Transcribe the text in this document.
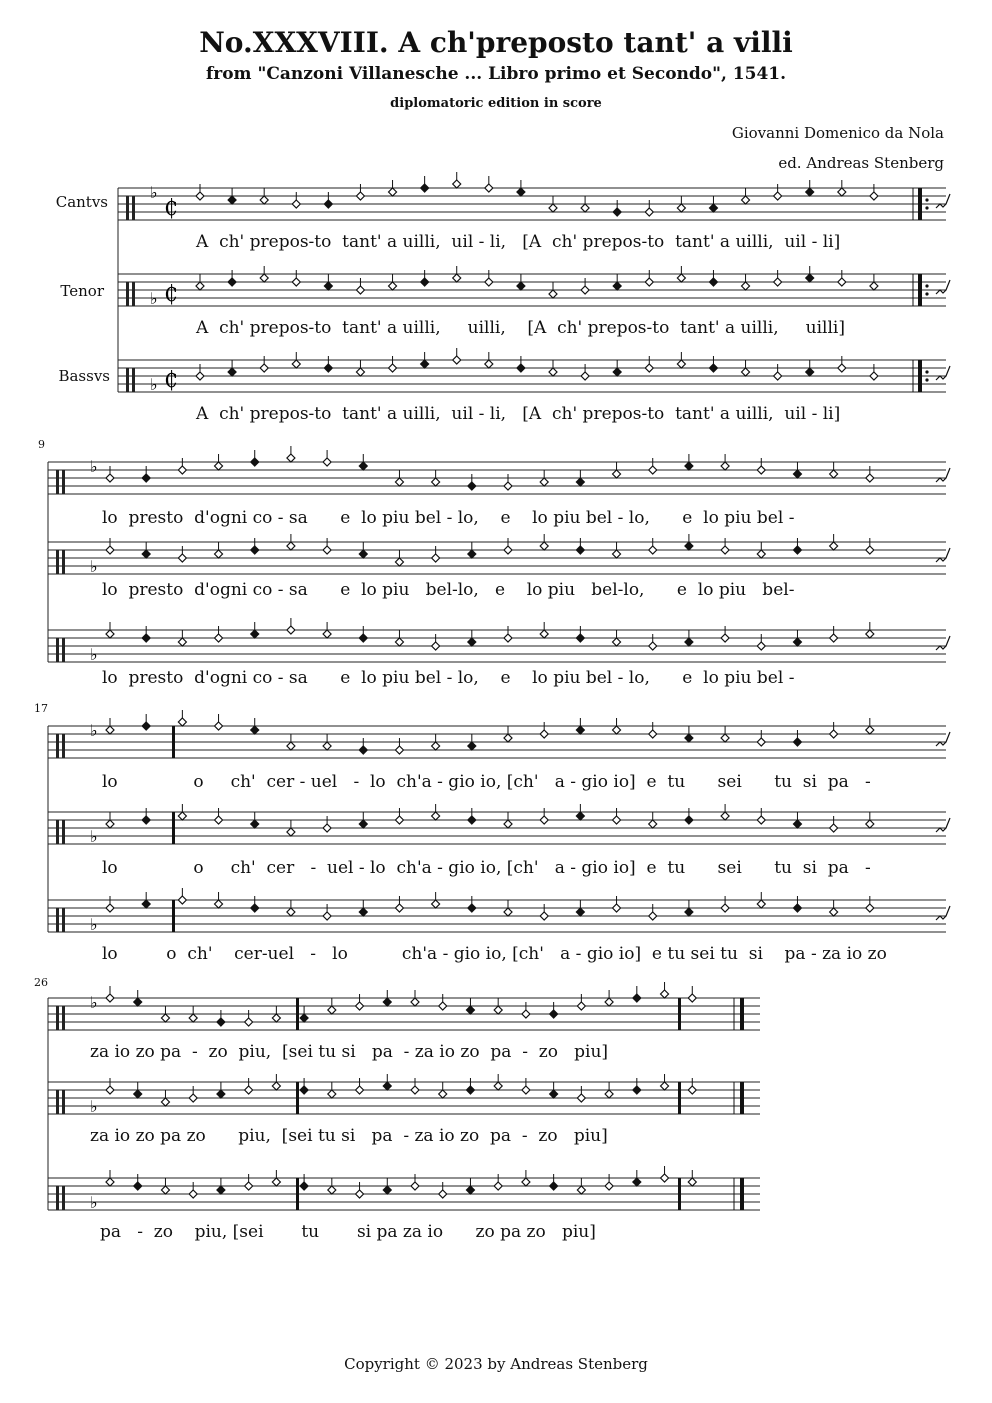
No.XXXVIII. A ch'preposto tant' a villi
from "Canzoni Villanesche ... Libro primo et Secondo", 1541.
diplomatoric edition in score
Giovanni Domenico da Nola
ed. Andreas Stenberg
Cantvs
Tenor
Bassvs
9
17
26
A  ch' prepos-to  tant' a uilli,  uil - li,   [A  ch' prepos-to  tant' a uilli,  uil - li]
A  ch' prepos-to  tant' a uilli,     uilli,    [A  ch' prepos-to  tant' a uilli,     uilli]
A  ch' prepos-to  tant' a uilli,  uil - li,   [A  ch' prepos-to  tant' a uilli,  uil - li]
lo  presto  d'ogni co - sa      e  lo piu bel - lo,    e    lo piu bel - lo,      e  lo piu bel -
lo  presto  d'ogni co - sa      e  lo piu   bel-lo,   e    lo piu   bel-lo,      e  lo piu   bel-
lo  presto  d'ogni co - sa      e  lo piu bel - lo,    e    lo piu bel - lo,      e  lo piu bel -
lo              o     ch'  cer - uel   -  lo  ch'a - gio io, [ch'   a - gio io]  e  tu      sei      tu  si  pa   -
lo              o     ch'  cer   -  uel - lo  ch'a - gio io, [ch'   a - gio io]  e  tu      sei      tu  si  pa   -
lo         o  ch'    cer-uel   -   lo          ch'a - gio io, [ch'   a - gio io]  e tu sei tu  si    pa - za io zo
za io zo pa  -  zo  piu,  [sei tu si   pa  - za io zo  pa  -  zo   piu]
za io zo pa zo      piu,  [sei tu si   pa  - za io zo  pa  -  zo   piu]
pa   -  zo    piu, [sei       tu       si pa za io      zo pa zo   piu]
♭
₵
♭ ₵
♭ ₵
♭
♭
♭
♭
♭
♭
♭
♭
♭
Copyright © 2023 by Andreas Stenberg
